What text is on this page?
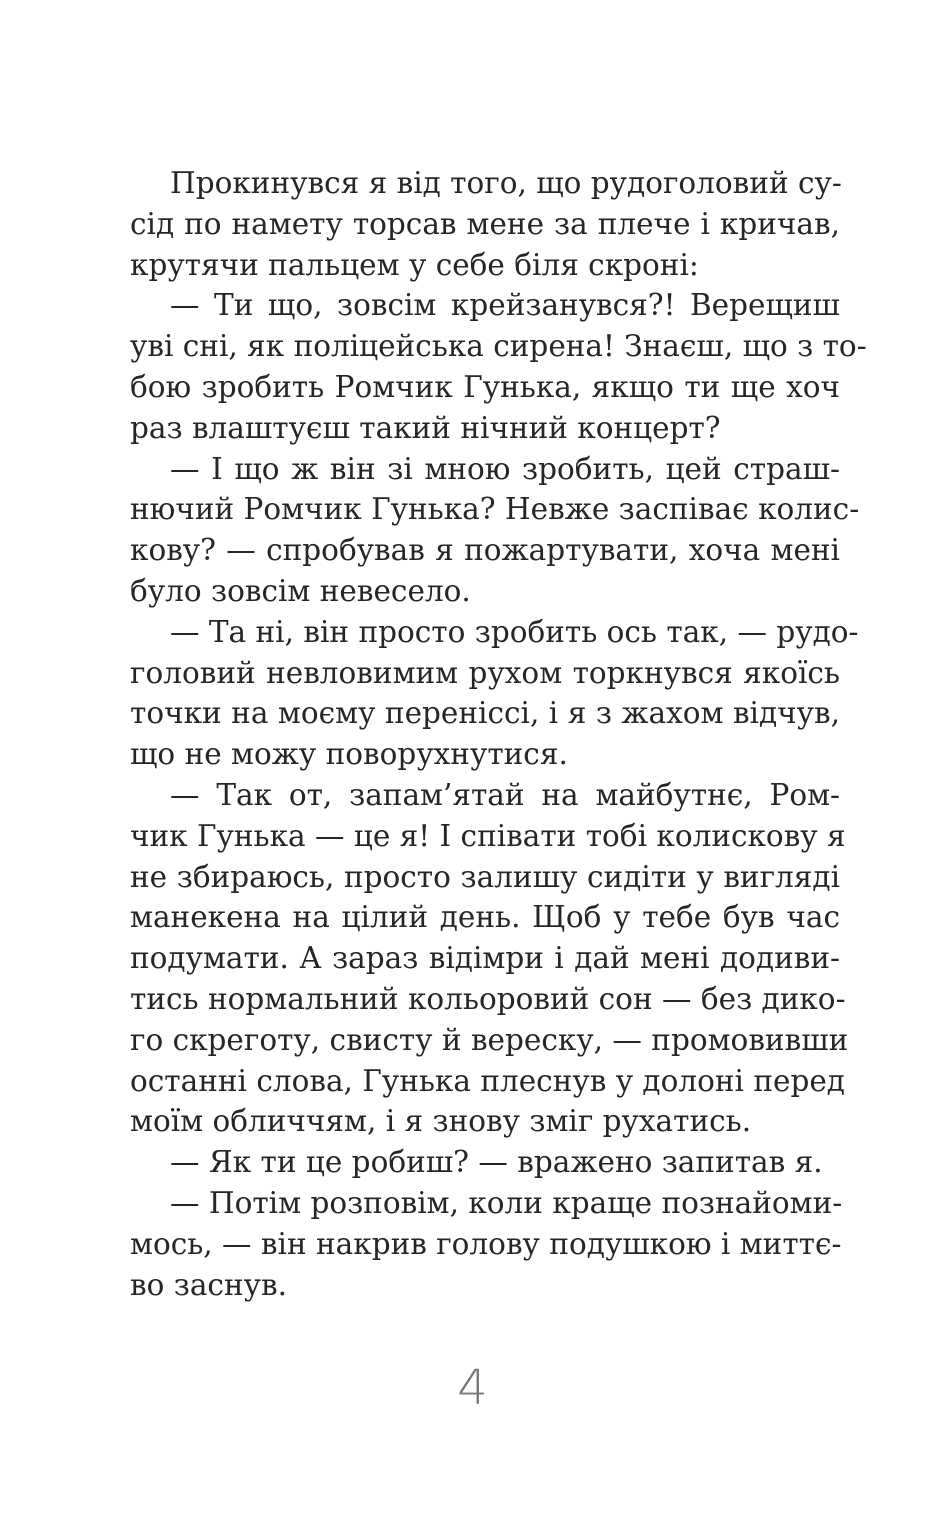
Прокинувся я від того, що рудоголовий су-
сід по намету торсав мене за плече і кричав,
крутячи пальцем у себе біля скроні:
— Ти що, зовсім крейзанувся?! Верещиш
уві сні, як поліцейська сирена! Знаєш, що з то-
бою зробить Ромчик Гунька, якщо ти ще хоч
раз влаштуєш такий нічний концерт?
— І що ж він зі мною зробить, цей страш-
нючий Ромчик Гунька? Невже заспіває колис-
кову? — спробував я пожартувати, хоча мені
було зовсім невесело.
— Та ні, він просто зробить ось так, — рудо-
головий невловимим рухом торкнувся якоїсь
точки на моєму переніссі, і я з жахом відчув,
що не можу поворухнутися.
— Так от, запам’ятай на майбутнє, Ром-
чик Гунька — це я! І співати тобі колискову я
не збираюсь, просто залишу сидіти у вигляді
манекена на цілий день. Щоб у тебе був час
подумати. А зараз відімри і дай мені додиви-
тись нормальний кольоровий сон — без дико-
го скреготу, свисту й вереску, — промовивши
останні слова, Гунька плеснув у долоні перед
моїм обличчям, і я знову зміг рухатись.
— Як ти це робиш? — вражено запитав я.
— Потім розповім, коли краще познайоми-
мось, — він накрив голову подушкою і миттє-
во заснув.
4
